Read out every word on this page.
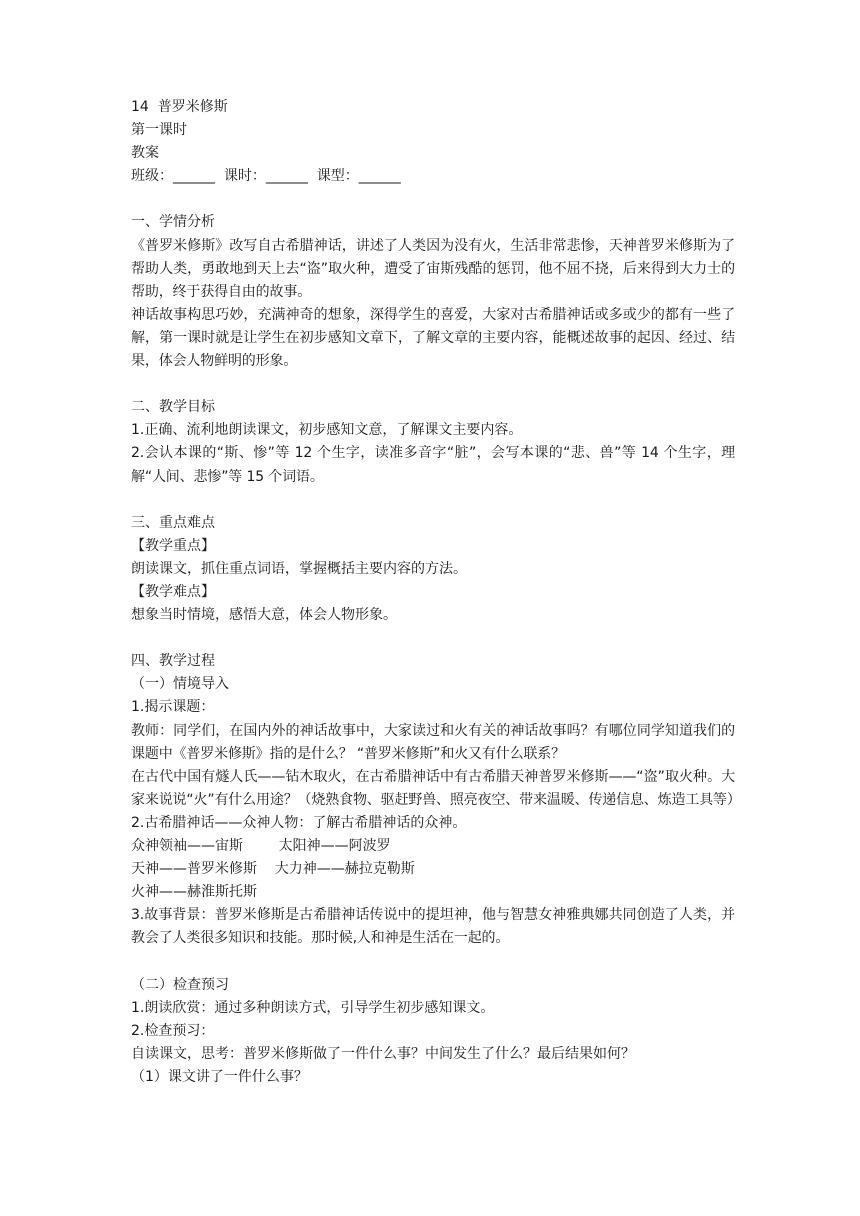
14  普罗米修斯
第一课时
教案
班级：______  课时：______  课型：______
一、学情分析
《普罗米修斯》改写自古希腊神话，讲述了人类因为没有火，生活非常悲惨，天神普罗米修斯为了帮助人类，勇敢地到天上去“盗”取火种，遭受了宙斯残酷的惩罚，他不屈不挠，后来得到大力士的帮助，终于获得自由的故事。
神话故事构思巧妙，充满神奇的想象，深得学生的喜爱，大家对古希腊神话或多或少的都有一些了解，第一课时就是让学生在初步感知文章下，了解文章的主要内容，能概述故事的起因、经过、结果，体会人物鲜明的形象。
二、教学目标
1.正确、流利地朗读课文，初步感知文意，了解课文主要内容。
2.会认本课的“斯、惨”等 12 个生字，读准多音字“脏”，会写本课的“悲、兽”等 14 个生字，理解“人间、悲惨”等 15 个词语。
三、重点难点
【教学重点】
朗读课文，抓住重点词语，掌握概括主要内容的方法。
【教学难点】
想象当时情境，感悟大意，体会人物形象。
四、教学过程
（一）情境导入
1.揭示课题：
教师：同学们，在国内外的神话故事中，大家读过和火有关的神话故事吗？有哪位同学知道我们的课题中《普罗米修斯》指的是什么？ “普罗米修斯”和火又有什么联系？
在古代中国有燧人氏——钻木取火，在古希腊神话中有古希腊天神普罗米修斯——“盗”取火种。大家来说说“火”有什么用途？（烧熟食物、驱赶野兽、照亮夜空、带来温暖、传递信息、炼造工具等）
2.古希腊神话——众神人物：了解古希腊神话的众神。
众神领袖——宙斯        太阳神——阿波罗
天神——普罗米修斯    大力神——赫拉克勒斯
火神——赫淮斯托斯
3.故事背景：普罗米修斯是古希腊神话传说中的提坦神，他与智慧女神雅典娜共同创造了人类，并教会了人类很多知识和技能。那时候,人和神是生活在一起的。
（二）检查预习
1.朗读欣赏：通过多种朗读方式，引导学生初步感知课文。
2.检查预习：
自读课文，思考：普罗米修斯做了一件什么事？中间发生了什么？最后结果如何？
（1）课文讲了一件什么事？
